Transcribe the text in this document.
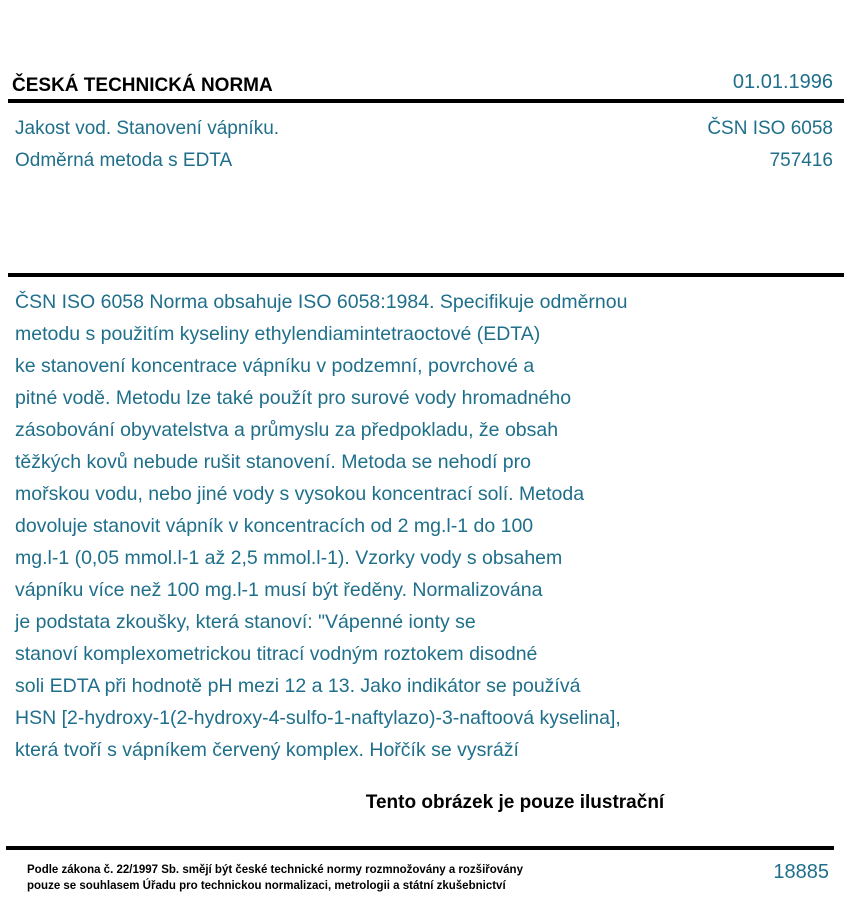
ČESKÁ TECHNICKÁ NORMA	01.01.1996
Jakost vod. Stanovení vápníku.
Odměrná metoda s EDTA
ČSN ISO 6058
757416
ČSN ISO 6058 Norma obsahuje ISO 6058:1984. Specifikuje odměrnou
metodu s použitím kyseliny ethylendiamintetraoctové (EDTA)
ke stanovení koncentrace vápníku v podzemní, povrchové a
pitné vodě. Metodu lze také použít pro surové vody hromadného
zásobování obyvatelstva a průmyslu za předpokladu, že obsah
těžkých kovů nebude rušit stanovení. Metoda se nehodí pro
mořskou vodu, nebo jiné vody s vysokou koncentrací solí. Metoda
dovoluje stanovit vápník v koncentracích od 2 mg.l-1 do 100
mg.l-1 (0,05 mmol.l-1 až 2,5 mmol.l-1). Vzorky vody s obsahem
vápníku více než 100 mg.l-1 musí být ředěny. Normalizována
je podstata zkoušky, která stanoví: "Vápenné ionty se
stanoví komplexometrickou titrací vodným roztokem disodné
soli EDTA při hodnotě pH mezi 12 a 13. Jako indikátor se používá
HSN [2-hydroxy-1(2-hydroxy-4-sulfo-1-naftylazo)-3-naftoová kyselina],
která tvoří s vápníkem červený komplex. Hořčík se vysráží
Tento obrázek je pouze ilustrační
Podle zákona č. 22/1997 Sb. smějí být české technické normy rozmnožovány a rozšiřovány
pouze se souhlasem Úřadu pro technickou normalizaci, metrologii a státní zkušebnictví
18885
